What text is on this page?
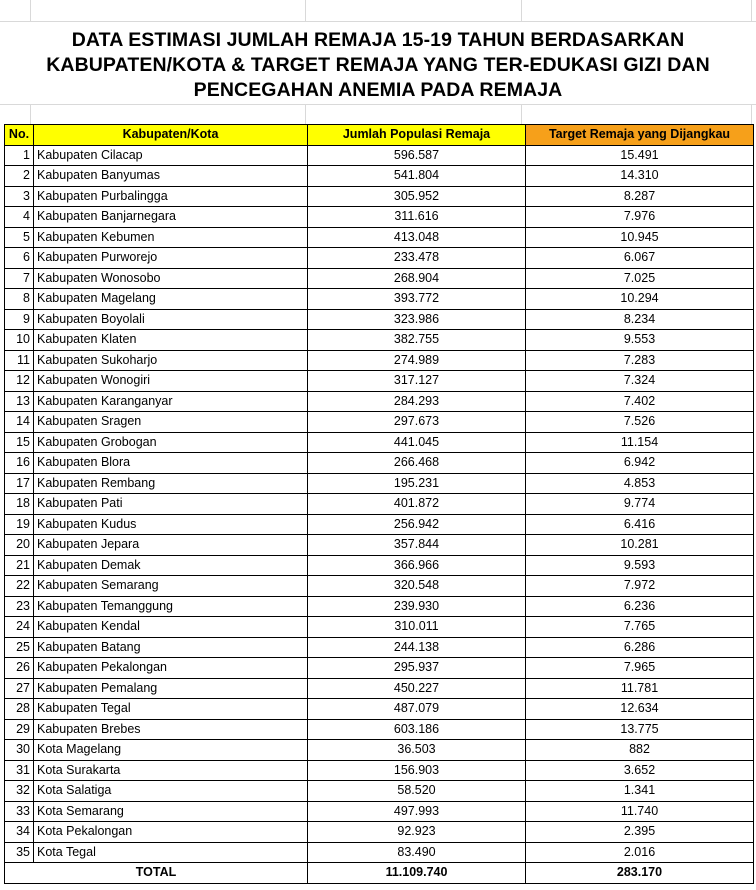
DATA ESTIMASI JUMLAH REMAJA 15-19 TAHUN BERDASARKAN
KABUPATEN/KOTA & TARGET REMAJA YANG TER-EDUKASI GIZI DAN
PENCEGAHAN ANEMIA PADA REMAJA
No.	Kabupaten/Kota	Jumlah Populasi Remaja	Target Remaja yang Dijangkau
1	Kabupaten Cilacap	596.587	15.491
2	Kabupaten Banyumas	541.804	14.310
3	Kabupaten Purbalingga	305.952	8.287
4	Kabupaten Banjarnegara	311.616	7.976
5	Kabupaten Kebumen	413.048	10.945
6	Kabupaten Purworejo	233.478	6.067
7	Kabupaten Wonosobo	268.904	7.025
8	Kabupaten Magelang	393.772	10.294
9	Kabupaten Boyolali	323.986	8.234
10	Kabupaten Klaten	382.755	9.553
11	Kabupaten Sukoharjo	274.989	7.283
12	Kabupaten Wonogiri	317.127	7.324
13	Kabupaten Karanganyar	284.293	7.402
14	Kabupaten Sragen	297.673	7.526
15	Kabupaten Grobogan	441.045	11.154
16	Kabupaten Blora	266.468	6.942
17	Kabupaten Rembang	195.231	4.853
18	Kabupaten Pati	401.872	9.774
19	Kabupaten Kudus	256.942	6.416
20	Kabupaten Jepara	357.844	10.281
21	Kabupaten Demak	366.966	9.593
22	Kabupaten Semarang	320.548	7.972
23	Kabupaten Temanggung	239.930	6.236
24	Kabupaten Kendal	310.011	7.765
25	Kabupaten Batang	244.138	6.286
26	Kabupaten Pekalongan	295.937	7.965
27	Kabupaten Pemalang	450.227	11.781
28	Kabupaten Tegal	487.079	12.634
29	Kabupaten Brebes	603.186	13.775
30	Kota Magelang	36.503	882
31	Kota Surakarta	156.903	3.652
32	Kota Salatiga	58.520	1.341
33	Kota Semarang	497.993	11.740
34	Kota Pekalongan	92.923	2.395
35	Kota Tegal	83.490	2.016
TOTAL		11.109.740	283.170
